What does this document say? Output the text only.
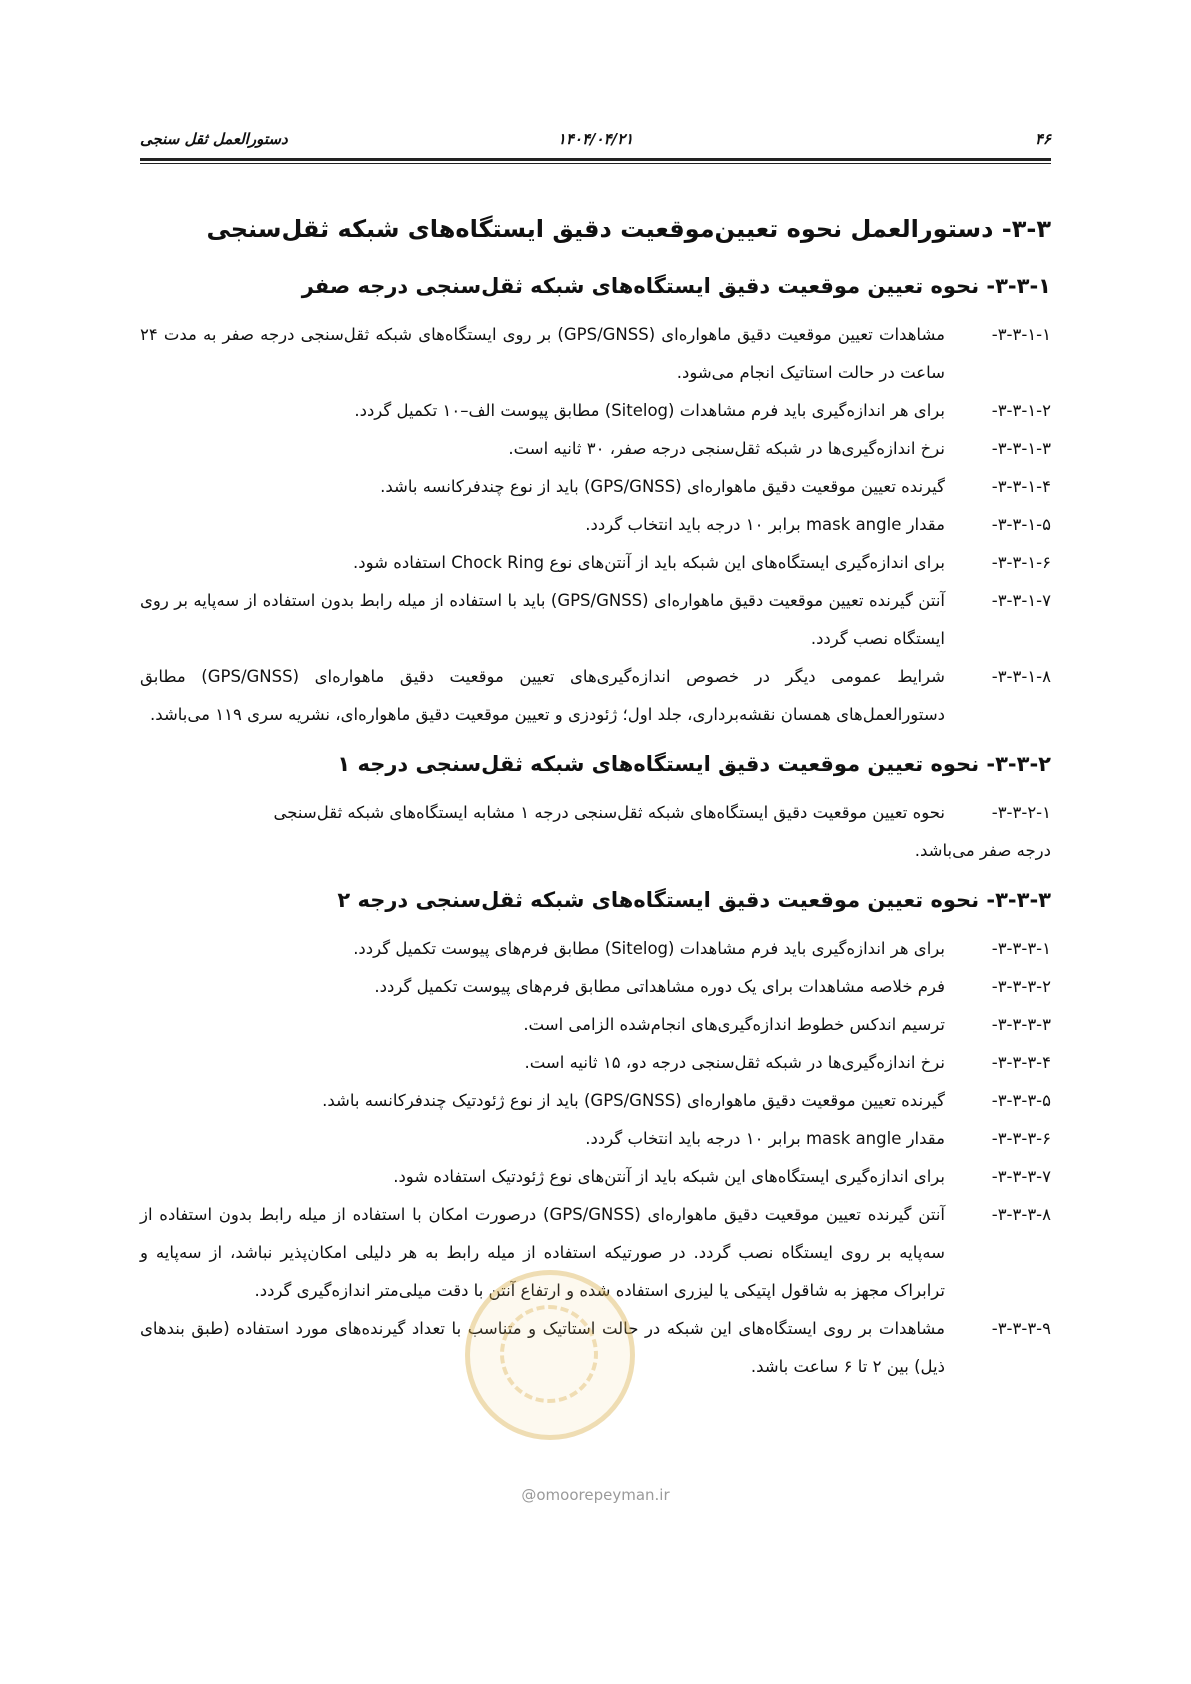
۴۶
۱۴۰۴/۰۴/۲۱
دستورالعمل ثقل سنجی
۳-۳- دستورالعمل نحوه تعیین‌موقعیت دقیق ایستگاه‌های شبکه ثقل‌سنجی
۳-۳-۱- نحوه تعیین موقعیت دقیق ایستگاه‌های شبکه ثقل‌سنجی درجه صفر
۳-۳-۱-۱-
مشاهدات تعیین موقعیت دقیق ماهواره‌ای (GPS/GNSS) بر روی ایستگاه‌های شبکه ثقل‌سنجی درجه صفر به مدت ۲۴ ساعت در حالت استاتیک انجام می‌شود.
۳-۳-۱-۲-
برای هر اندازه‌گیری باید فرم مشاهدات (Sitelog) مطابق پیوست الف–۱۰ تکمیل گردد.
۳-۳-۱-۳-
نرخ اندازه‌گیری‌ها در شبکه ثقل‌سنجی درجه صفر، ۳۰ ثانیه است.
۳-۳-۱-۴-
گیرنده تعیین موقعیت دقیق ماهواره‌ای (GPS/GNSS) باید از نوع چندفرکانسه باشد.
۳-۳-۱-۵-
مقدار mask angle برابر ۱۰ درجه باید انتخاب گردد.
۳-۳-۱-۶-
برای اندازه‌گیری ایستگاه‌های این شبکه باید از آنتن‌های نوع Chock Ring استفاده شود.
۳-۳-۱-۷-
آنتن گیرنده تعیین موقعیت دقیق ماهواره‌ای (GPS/GNSS) باید با استفاده از میله رابط بدون استفاده از سه‌پایه بر روی ایستگاه نصب گردد.
۳-۳-۱-۸-
شرایط عمومی دیگر در خصوص اندازه‌گیری‌های تعیین موقعیت دقیق ماهواره‌ای (GPS/GNSS) مطابق دستورالعمل‌های همسان نقشه‌برداری، جلد اول؛ ژئودزی و تعیین موقعیت دقیق ماهواره‌ای، نشریه سری ۱۱۹ می‌باشد.
۳-۳-۲- نحوه تعیین موقعیت دقیق ایستگاه‌های شبکه ثقل‌سنجی درجه ۱
۳-۳-۲-۱-
نحوه تعیین موقعیت دقیق ایستگاه‌های شبکه ثقل‌سنجی درجه ۱ مشابه ایستگاه‌های شبکه ثقل‌سنجی
درجه صفر می‌باشد.
۳-۳-۳- نحوه تعیین موقعیت دقیق ایستگاه‌های شبکه ثقل‌سنجی درجه ۲
۳-۳-۳-۱-
برای هر اندازه‌گیری باید فرم مشاهدات (Sitelog) مطابق فرم‌های پیوست تکمیل گردد.
۳-۳-۳-۲-
فرم خلاصه مشاهدات برای یک دوره مشاهداتی مطابق فرم‌های پیوست تکمیل گردد.
۳-۳-۳-۳-
ترسیم اندکس خطوط اندازه‌گیری‌های انجام‌شده الزامی است.
۳-۳-۳-۴-
نرخ اندازه‌گیری‌ها در شبکه ثقل‌سنجی درجه دو، ۱۵ ثانیه است.
۳-۳-۳-۵-
گیرنده تعیین موقعیت دقیق ماهواره‌ای (GPS/GNSS) باید از نوع ژئودتیک چندفرکانسه باشد.
۳-۳-۳-۶-
مقدار mask angle برابر ۱۰ درجه باید انتخاب گردد.
۳-۳-۳-۷-
برای اندازه‌گیری ایستگاه‌های این شبکه باید از آنتن‌های نوع ژئودتیک استفاده شود.
۳-۳-۳-۸-
آنتن گیرنده تعیین موقعیت دقیق ماهواره‌ای (GPS/GNSS) درصورت امکان با استفاده از میله رابط بدون استفاده از سه‌پایه بر روی ایستگاه نصب گردد. در صورتیکه استفاده از میله رابط به هر دلیلی امکان‌پذیر نباشد، از سه‌پایه و ترابراک مجهز به شاقول اپتیکی یا لیزری استفاده شده و ارتفاع آنتن با دقت میلی‌متر اندازه‌گیری گردد.
۳-۳-۳-۹-
مشاهدات بر روی ایستگاه‌های این شبکه در حالت استاتیک و متناسب با تعداد گیرنده‌های مورد استفاده (طبق بندهای ذیل) بین ۲ تا ۶ ساعت باشد.
@omoorepeyman.ir
